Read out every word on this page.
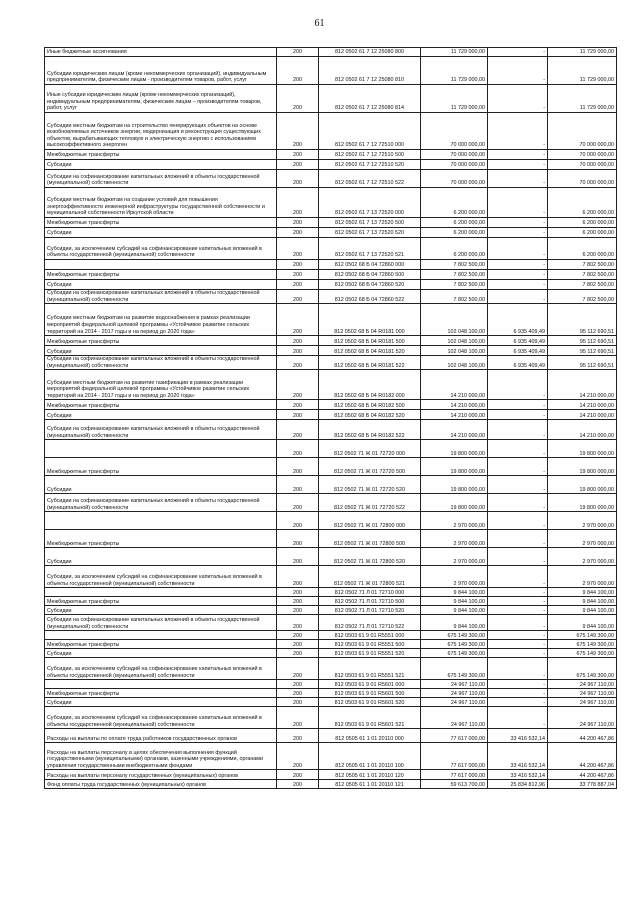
61
Иные бюджетные ассигнования	200	812 0502 61 7 12 25080 800	11 729 000,00	-	11 729 000,00
Субсидии юридическим лицам (кроме некоммерческих организаций), индивидуальным предпринимателям, физическим лицам - производителям товаров, работ, услуг	200	812 0502 61 7 12 25080 810	11 729 000,00	-	11 729 000,00
Иные субсидии юридическим лицам (кроме некоммерческих организаций), индивидуальным предпринимателям, физическим лицам – производителям товаров, работ, услуг	200	812 0502 61 7 12 25080 814	11 729 000,00	-	11 729 000,00
Субсидии местным бюджетам на строительство генерирующих объектов на основе возобновляемых источников энергии, модернизация и реконструкция существующих объектов, вырабатывающих тепловую и электрическую энергию с использованием высокоэффективного энергоген	200	812 0502 61 7 12 72510 000	70 000 000,00	-	70 000 000,00
Межбюджетные трансферты	200	812 0502 61 7 12 72510 500	70 000 000,00	-	70 000 000,00
Субсидии	200	812 0502 61 7 12 72510 520	70 000 000,00	-	70 000 000,00
Субсидии на софинансирование капитальных вложений в объекты государственной (муниципальной) собственности	200	812 0502 61 7 12 72510 522	70 000 000,00	-	70 000 000,00
Субсидии местным бюджетам на создание условий для повышения энергоэффективности инженерной инфраструктуры государственной собственности и муниципальной собственности Иркутской области	200	812 0502 61 7 13 72520 000	6 200 000,00	-	6 200 000,00
Межбюджетные трансферты	200	812 0502 61 7 13 72520 500	6 200 000,00	-	6 200 000,00
Субсидии	200	812 0502 61 7 13 72520 520	6 200 000,00	-	6 200 000,00
Субсидии, за исключением субсидий на софинансирование капитальных вложений в объекты государственной (муниципальной) собственности	200	812 0502 61 7 13 72520 521	6 200 000,00	-	6 200 000,00
	200	812 0502 68 Б 04 72860 000	7 802 500,00	-	7 802 500,00
Межбюджетные трансферты	200	812 0502 68 Б 04 72860 500	7 802 500,00	-	7 802 500,00
Субсидии	200	812 0502 68 Б 04 72860 520	7 802 500,00	-	7 802 500,00
Субсидии на софинансирование капитальных вложений в объекты государственной (муниципальной) собственности	200	812 0502 68 Б 04 72860 522	7 802 500,00	-	7 802 500,00
Субсидии местным бюджетам на развитие водоснабжения в рамках реализации мероприятий федеральной целевой программы «Устойчивое развитие сельских территорий на 2014 - 2017 годы и на период до 2020 года»	200	812 0502 68 Б 04 R0181 000	102 048 100,00	6 935 409,49	95 112 690,51
Межбюджетные трансферты	200	812 0502 68 Б 04 R0181 500	102 048 100,00	6 935 409,49	95 112 690,51
Субсидии	200	812 0502 68 Б 04 R0181 520	102 048 100,00	6 935 409,49	95 112 690,51
Субсидии на софинансирование капитальных вложений в объекты государственной (муниципальной) собственности	200	812 0502 68 Б 04 R0181 522	102 048 100,00	6 935 409,49	95 112 690,51
Субсидии местным бюджетам на развитие газификации в рамках реализации мероприятий федеральной целевой программы «Устойчивое развитие сельских территорий на 2014 - 2017 годы и на период до 2020 года»	200	812 0502 68 Б 04 R0182 000	14 210 000,00	-	14 210 000,00
Межбюджетные трансферты	200	812 0502 68 Б 04 R0182 500	14 210 000,00	-	14 210 000,00
Субсидии	200	812 0502 68 Б 04 R0182 520	14 210 000,00	-	14 210 000,00
Субсидии на софинансирование капитальных вложений в объекты государственной (муниципальной) собственности	200	812 0502 68 Б 04 R0182 522	14 210 000,00	-	14 210 000,00
	200	812 0502 71 Ж 01 72720 000	19 800 000,00	-	19 800 000,00
Межбюджетные трансферты	200	812 0502 71 Ж 01 72720 500	19 800 000,00	-	19 800 000,00
Субсидии	200	812 0502 71 Ж 01 72720 520	19 800 000,00	-	19 800 000,00
Субсидии на софинансирование капитальных вложений в объекты государственной (муниципальной) собственности	200	812 0502 71 Ж 01 72720 522	19 800 000,00	-	19 800 000,00
	200	812 0502 71 Ж 01 72800 000	2 970 000,00	-	2 970 000,00
Межбюджетные трансферты	200	812 0502 71 Ж 01 72800 500	2 970 000,00	-	2 970 000,00
Субсидии	200	812 0502 71 Ж 01 72800 520	2 970 000,00	-	2 970 000,00
Субсидии, за исключением субсидий на софинансирование капитальных вложений в объекты государственной (муниципальной) собственности	200	812 0502 71 Ж 01 72800 521	2 970 000,00	-	2 970 000,00
	200	812 0502 71 Л 01 72710 000	9 844 100,00	-	9 844 100,00
Межбюджетные трансферты	200	812 0502 71 Л 01 72710 500	9 844 100,00	-	9 844 100,00
Субсидии	200	812 0502 71 Л 01 72710 520	9 844 100,00	-	9 844 100,00
Субсидии на софинансирование капитальных вложений в объекты государственной (муниципальной) собственности	200	812 0502 71 Л 01 72710 522	9 844 100,00	-	9 844 100,00
	200	812 0503 61 9 01 R5551 000	675 149 300,00	-	675 149 300,00
Межбюджетные трансферты	200	812 0503 61 9 01 R5551 500	675 149 300,00	-	675 149 300,00
Субсидии	200	812 0503 61 9 01 R5551 520	675 149 300,00	-	675 149 300,00
Субсидии, за исключением субсидий на софинансирование капитальных вложений в объекты государственной (муниципальной) собственности	200	812 0503 61 9 01 R5551 521	675 149 300,00	-	675 149 300,00
	200	812 0503 61 9 01 R5601 000	24 967 110,00	-	24 967 110,00
Межбюджетные трансферты	200	812 0503 61 9 01 R5601 500	24 967 110,00	-	24 967 110,00
Субсидии	200	812 0503 61 9 01 R5601 520	24 967 110,00	-	24 967 110,00
Субсидии, за исключением субсидий на софинансирование капитальных вложений в объекты государственной (муниципальной) собственности	200	812 0503 61 9 01 R5601 521	24 967 110,00	-	24 967 110,00
Расходы на выплаты по оплате труда работников государственных органов	200	812 0505 61 1 01 20110 000	77 617 000,00	33 416 532,14	44 200 467,86
Расходы на выплаты персоналу в целях обеспечения выполнения функций государственными (муниципальными) органами, казенными учреждениями, органами управления государственными внебюджетными фондами	200	812 0505 61 1 01 20110 100	77 617 000,00	33 416 532,14	44 200 467,86
Расходы на выплаты персоналу государственных (муниципальных) органов	200	812 0505 61 1 01 20110 120	77 617 000,00	33 416 532,14	44 200 467,86
Фонд оплаты труда государственных (муниципальных) органов	200	812 0505 61 1 01 20110 121	59 613 700,00	25 834 812,96	33 778 887,04
